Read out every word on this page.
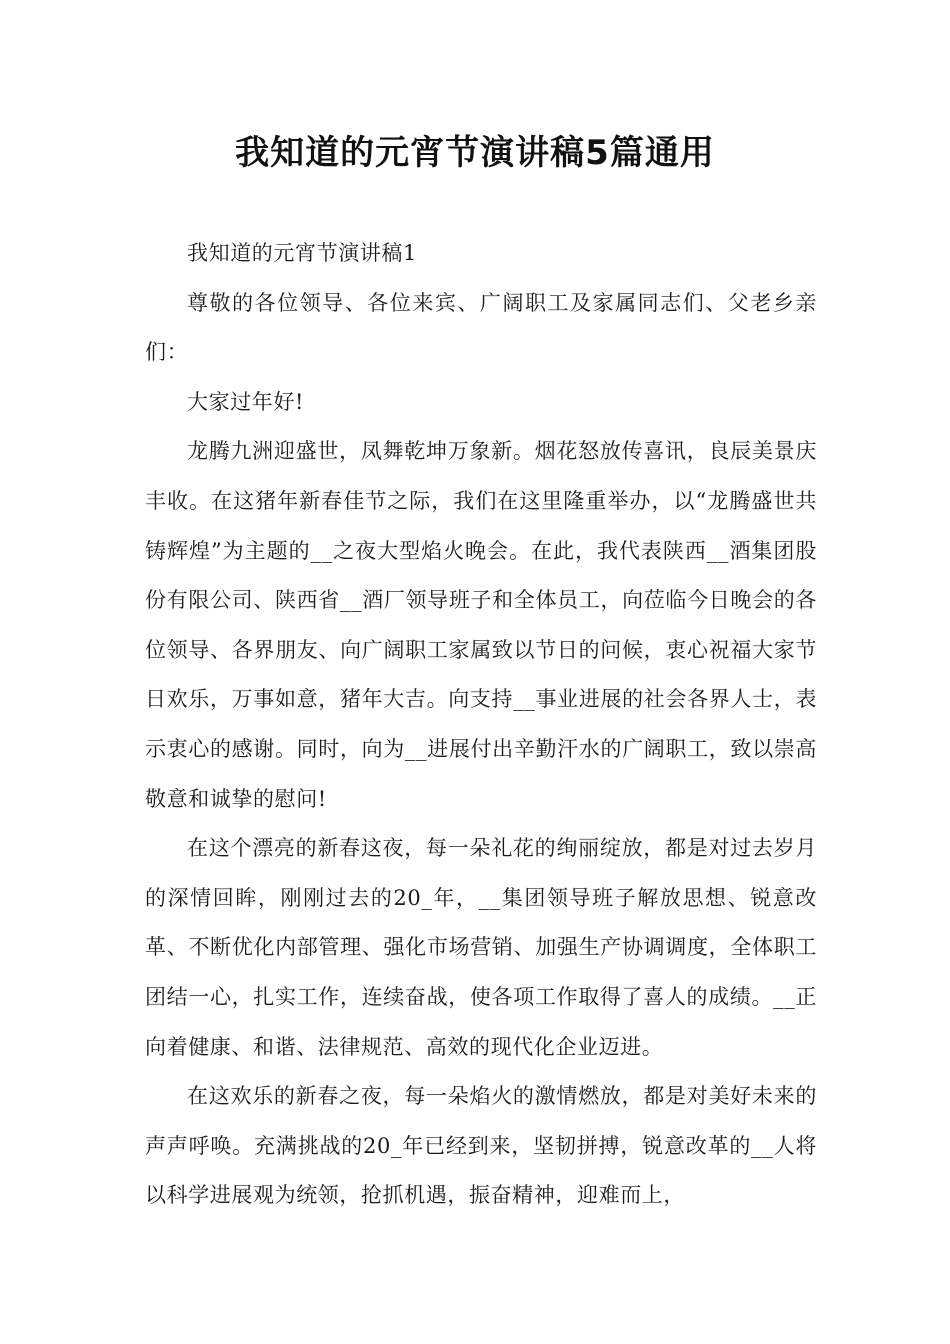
我知道的元宵节演讲稿5篇通用

我知道的元宵节演讲稿1

尊敬的各位领导、各位来宾、广阔职工及家属同志们、父老乡亲们：

大家过年好!

龙腾九洲迎盛世，凤舞乾坤万象新。烟花怒放传喜讯，良辰美景庆丰收。在这猪年新春佳节之际，我们在这里隆重举办，以“龙腾盛世共铸辉煌”为主题的__之夜大型焰火晚会。在此，我代表陕西__酒集团股份有限公司、陕西省__酒厂领导班子和全体员工，向莅临今日晚会的各位领导、各界朋友、向广阔职工家属致以节日的问候，衷心祝福大家节日欢乐，万事如意，猪年大吉。向支持__事业进展的社会各界人士，表示衷心的感谢。同时，向为__进展付出辛勤汗水的广阔职工，致以崇高敬意和诚挚的慰问!

在这个漂亮的新春这夜，每一朵礼花的绚丽绽放，都是对过去岁月的深情回眸，刚刚过去的20_年，__集团领导班子解放思想、锐意改革、不断优化内部管理、强化市场营销、加强生产协调调度，全体职工团结一心，扎实工作，连续奋战，使各项工作取得了喜人的成绩。__正向着健康、和谐、法律规范、高效的现代化企业迈进。

在这欢乐的新春之夜，每一朵焰火的激情燃放，都是对美好未来的声声呼唤。充满挑战的20_年已经到来，坚韧拼搏，锐意改革的__人将以科学进展观为统领，抢抓机遇，振奋精神，迎难而上，
